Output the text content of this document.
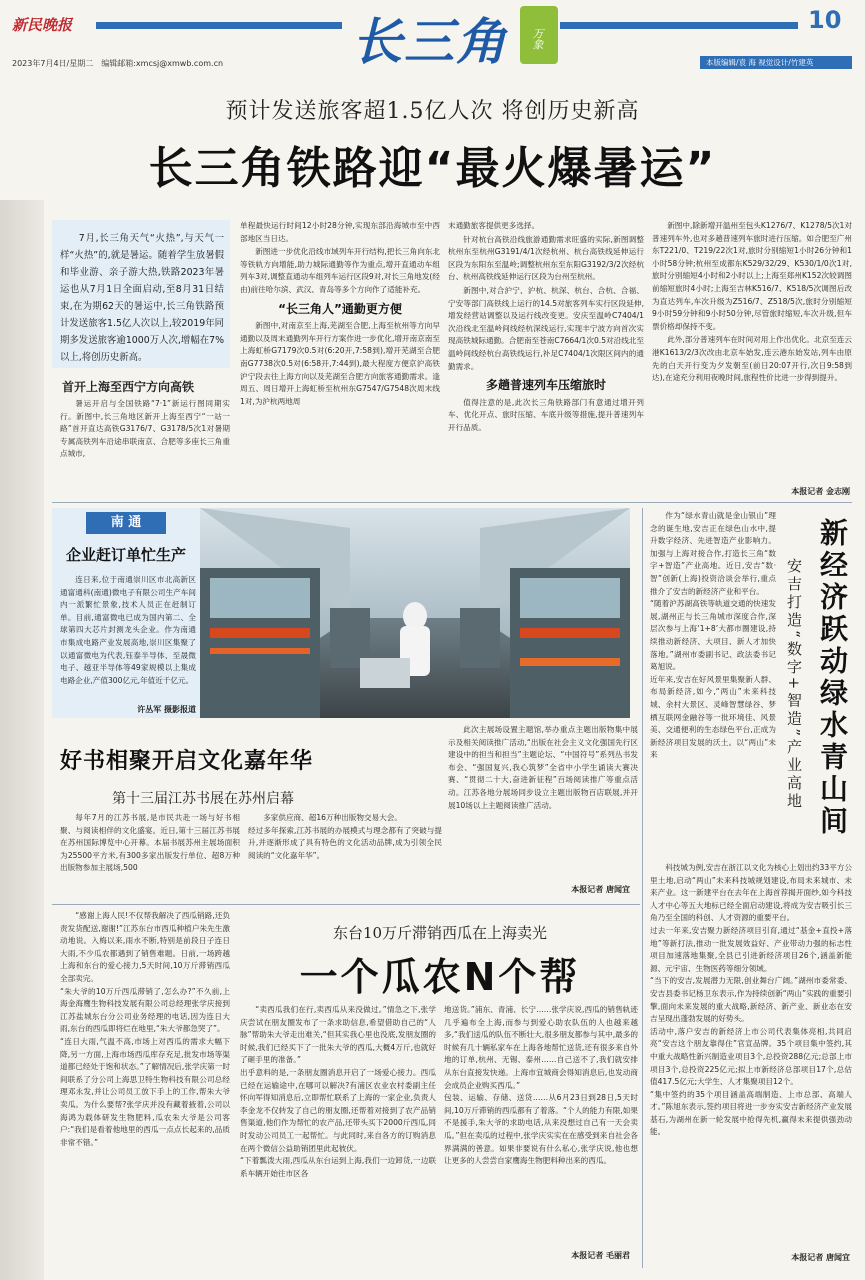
新民晚报	长三角 万象
10
2023年7月4日/星期二　编辑邮箱:xmcsj@xmwb.com.cn	本版编辑/袁 海 视觉设计/竹建英
预计发送旅客超1.5亿人次 将创历史新高
长三角铁路迎“最火爆暑运”
7月,长三角天气“火热”,与天气一样“火热”的,就是暑运。随着学生放暑假和毕业游、亲子游大热,铁路2023年暑运也从7月1日全面启动,至8月31日结束,在为期62天的暑运中,长三角铁路预计发送旅客1.5亿人次以上,较2019年同期多发送旅客逾1000万人次,增幅在7%以上,将创历史新高。
首开上海至西宁方向高铁

暑运开启与全国铁路“7·1”新运行图同期实行。新图中,长三角地区新开上海至西宁“一站一路”首开直达高铁G3176/7、G3178/5次1对暑期专属高铁列车沿途串联南京、合肥等多座长三角重点城市,

单程最快运行时间12小时28分钟,实现东部沿海城市至中西部地区当日达。

新图进一步优化沿线市域列车开行结构,把长三角向东北等铁轨方向增能,助力城际通勤等作为重点,增开直通动车组列车3对,调整直通动车组列车运行区段9对,对长三角地发(经由)前往哈尔滨、武汉、青岛等多个方向作了适能补充。

“长三角人”通勤更方便

新图中,对南京至上海,芜湖至合肥,上海至杭州等方向早通勤以及周末通勤列车开行方案作进一步优化,增开南京南至上海虹桥G7179次0.5对(6:20开,7:58到),增开芜湖至合肥南G7738次0.5对(6:58开,7:44到),最大程度方便京沪高铁沪宁段去往上海方向以及芜湖至合肥方向旅客通勤需求。逢周五、周日增开上海虹桥至杭州东G7547/G7548次周末线1对,为沪杭两地周

末通勤旅客提供更多选择。

针对杭台高铁沿线旅游通勤需求旺盛的实际,新图调整杭州东至杭州G3191/4/1次经杭州、杭台高铁线延伸运行区段为东阳东至温岭;调整杭州东至东阳G3192/3/2次经杭台、杭州高铁线延伸运行区段为台州至杭州。

新图中,对合沪宁、沪杭、杭深、杭台、合杭、合福、宁安等部门高铁线上运行的14.5对旅客列车实行区段延伸,增发经营站调整以及运行线改变更。安庆至温岭C7404/1次沿线北至温岭间线经杭深线运行,实现丰宁波方向首次实现高铁城际通勤。合肥南至苍南C7664/1次0.5对沿线北至温岭间线经杭台高铁线运行,补足C7404/1次限区间内的通勤需求。

多趟普速列车压缩旅时

值得注意的是,此次长三角铁路部门有意通过增开列车、优化开点、旅时压缩、车底升级等措施,提升普速列车开行品质。

新图中,除新增开温州至包头K1276/7、K1278/5次1对普速列车外,也对多趟普速列车旅时进行压缩。如合肥至广州东T221/0、T219/22次1对,旅时分别缩短1小时26分钟和1小时58分钟;杭州至成都东K529/32/29、K530/1/0次1对,旅时分别缩短4小时和2小时以上;上海至郑州K152次较调图前缩短旅时4小时;上海至吉林K516/7、K518/5次调图后改为直达列车,车次升级为Z516/7、Z518/5次,旅时分别缩短9小时59分钟和9小时50分钟,尽管旅时缩短,车次升级,但车票价格却保持不变。

此外,部分普速列车在时间对用上作出优化。北京至连云港K1613/2/3次改由北京车始发,连云港东始发站,列车由原先的白天开行变为夕发朝至(前日20:07开行,次日9:58到达),在途充分利用夜晚时间,旅程性价比进一步得到提升。

本报记者 金志刚
南 通
企业赶订单忙生产

连日来,位于南通崇川区市北高新区通富通科(南通)微电子有限公司生产车间内一派繁忙景象,技术人员正在赶制订单。目前,通富微电已成为国内第二、全球第四大芯片封测龙头企业。作为南通市集成电路产业发展高地,崇川区集聚了以通富微电为代表,钰泰半导体、至晟微电子、越亚半导体等49家规模以上集成电路企业,产值300亿元,年值近千亿元。

许丛军 摄影报道
好书相聚开启文化嘉年华
第十三届江苏书展在苏州启幕

每年7月的江苏书展,是市民共赴一场与好书相聚、与阅读相伴的文化盛宴。近日,第十三届江苏书展在苏州国际博览中心开幕。本届书展苏州主展场面积为25500平方米,有300多家出版发行单位、超8万种出版物参加主展场,500

多家供应商、超16万种出版物交易大会。
经过多年探索,江苏书展的办展模式与理念都有了突破与提升,并逐渐形成了具有特色的文化活动品牌,成为引领全民阅读的“文化嘉年华”。

此次主展场设置主题馆,举办重点主题出版物集中展示及相关阅读推广活动,“出版在社会主义文化强国先行区建设中的担当和担当”主题论坛、“中国符号”系列丛书发布会、“强国复兴,我心筑梦”全省中小学生诵读大赛决赛、“贯彻二十大,奋进新征程”百场阅读推广等重点活动。江苏各地分展场同步设立主题出版物百店联展,并开展10场以上主题阅读推广活动。

本报记者 唐闻宜
新经济跃动绿水青山间
安吉打造“数字+智造”产业高地

作为“绿水青山就是金山银山”理念的诞生地,安吉正在绿色山水中,提升数字经济、先进智造产业影响力。加强与上海对接合作,打造长三角“数字+智造”产业高地。近日,安吉“数·智”创新(上海)投资洽谈会举行,重点推介了安吉的新经济产业和平台。
“随着沪苏湖高铁等轨道交通的快速发展,湖州正与长三角城市深度合作,深层次参与上海‘1+8’大都市圈建设,持续推动新经济、大项目、新人才加快落地。”湖州市委副书记、政法委书记葛旭说。
近年来,安吉在好风景里集聚新人群、布局新经济,如今,“两山”未来科技城、余村大景区、灵峰智慧绿谷、梦栖互联网金融谷等一批环境佳、风景美、交通便利的生态绿色平台,正成为新经济项目发展的沃土。以“两山”未来

科技城为例,安吉在浙江以文化为核心上划出约33平方公里土地,启动“两山”未来科技城规划建设,布局未来城市、未来产业。这一新建平台在去年在上海首荐揭开面纱,如今科技人才中心等五大地标已经全面启动建设,将成为安吉吸引长三角乃至全国的科创、人才资源的重要平台。
过去一年来,安吉聚力新经济项目引育,通过“基金+直投+落地”等新打法,推动一批发展效益好、产业带动力强的标志性项目加速落地集聚,全县已引进新经济项目26个,涵盖新能源、元宇宙、生物医药等细分领域。
“当下的安吉,发展潜力无限,创业舞台广阔。”湖州市委常委、安吉县委书记杨卫东表示,作为持续创新“两山”实践的重要引擎,面向未来发展的重大战略,新经济、新产业、新业态在安吉呈现出蓬勃发展的好势头。
活动中,落户安吉的新经济上市公司代表集体亮相,共同启亮“安吉这个朋友靠得住”官宣品牌。35个项目集中签约,其中重大战略性新兴制造业项目3个,总投资288亿元;总部上市项目3个,总投资225亿元;拟上市新经济总部项目17个,总估值417.5亿元;大学生、人才集聚项目12个。
“集中签约的35个项目涵盖高端制造、上市总部、高端人才。”陈旭东表示,签约项目将进一步夯实安吉新经济产业发展基石,为湖州在新一轮发展中抢得先机,赢得未来提供强劲动能。

本报记者 唐闻宜

“感谢上海人民!不仅帮我解决了西瓜销路,还负责发货配送,谢谢!”江苏东台市西瓜种植户朱先生激动地说。入梅以来,雨水不断,特别是前段日子连日大雨,不少瓜农都遇到了销售难题。日前,一场跨越上海和东台的爱心接力,5天时间,10万斤滞销西瓜全部卖完。
“朱大爷的10万斤西瓜滞销了,怎么办?”不久前,上海金海鹰生物科技发展有限公司总经理张学庆接到江苏盐城东台分公司业务经理的电话,因为连日大雨,东台的西瓜即将烂在地里,“朱大爷都急哭了”。
“连日大雨,气温不高,市场上对西瓜的需求大幅下降,另一方面,上海市场西瓜库存充足,批发市场等渠道都已经处于饱和状态。”了解情况后,张学庆第一时间联系了分公司上海思卫特生物科技有限公司总经理邓永发,并让公司员工放下手上的工作,帮朱大爷卖瓜。为什么要帮?张学庆并没有藏着掖着,公司以海鸿为载体研发生物肥料,瓜农朱大爷是公司客户:“我们是看着他地里的西瓜一点点长起来的,品质非常不错。”

东台10万斤滞销西瓜在上海卖光
一个瓜农N个帮

“卖西瓜我们在行,卖西瓜从来没做过。”情急之下,张学庆尝试在朋友圈发布了一条求助信息,希望借助自己的“人脉”帮助朱大爷走出难关,“但其实我心里也没底,发朋友圈的时候,我们已经买下了一批朱大爷的西瓜,大概4万斤,也就好了砸手里的准备。”
出乎意料的是,一条朋友圈消息开启了一场爱心接力。西瓜已经在运输途中,在哪可以解决?有浦区农业农村委副主任怀向军得知消息后,立即帮忙联系了上海的一家企业,负责人李金龙不仅转发了自己的朋友圈,还帮着对接到了农产品销售渠道,他们作为帮忙的农产品,还带头买下2000斤西瓜,同时发动公司员工一起帮忙。与此同时,来自各方的订购消息在两个微信公益助销团里此起彼伏。
“下着瓢泼大雨,西瓜从东台运到上海,我们一边卸货,一边联系车辆开始往市区各

地送货。”浦东、青浦、长宁……张学庆说,西瓜的销售轨迹几乎遍布全上海,而参与到爱心助农队伍的人也越来越多,“我们送瓜的队伍不断壮大,很多朋友都参与其中,最多的时候有几十辆私家车在上海各地帮忙送货,还有很多来自外地的订单,杭州、无锡、泰州……自己送不了,我们就安排从东台直接发快递。上海市宜城商会得知消息后,也发动商会成员企业购买西瓜。”
包装、运输、存储、送货……从6月23日到28日,5天时间,10万斤滞销的西瓜都有了着落。“个人的能力有限,如果不是援手,朱大爷的求助电话,从来没想过自己有一天会卖瓜。”但在卖瓜的过程中,张学庆实实在在感受到来自社会各界满满的善意。如果非要说有什么私心,张学庆说,他也想让更多的人尝尝自家鹰海生物肥料种出来的西瓜。

本报记者 毛丽君
